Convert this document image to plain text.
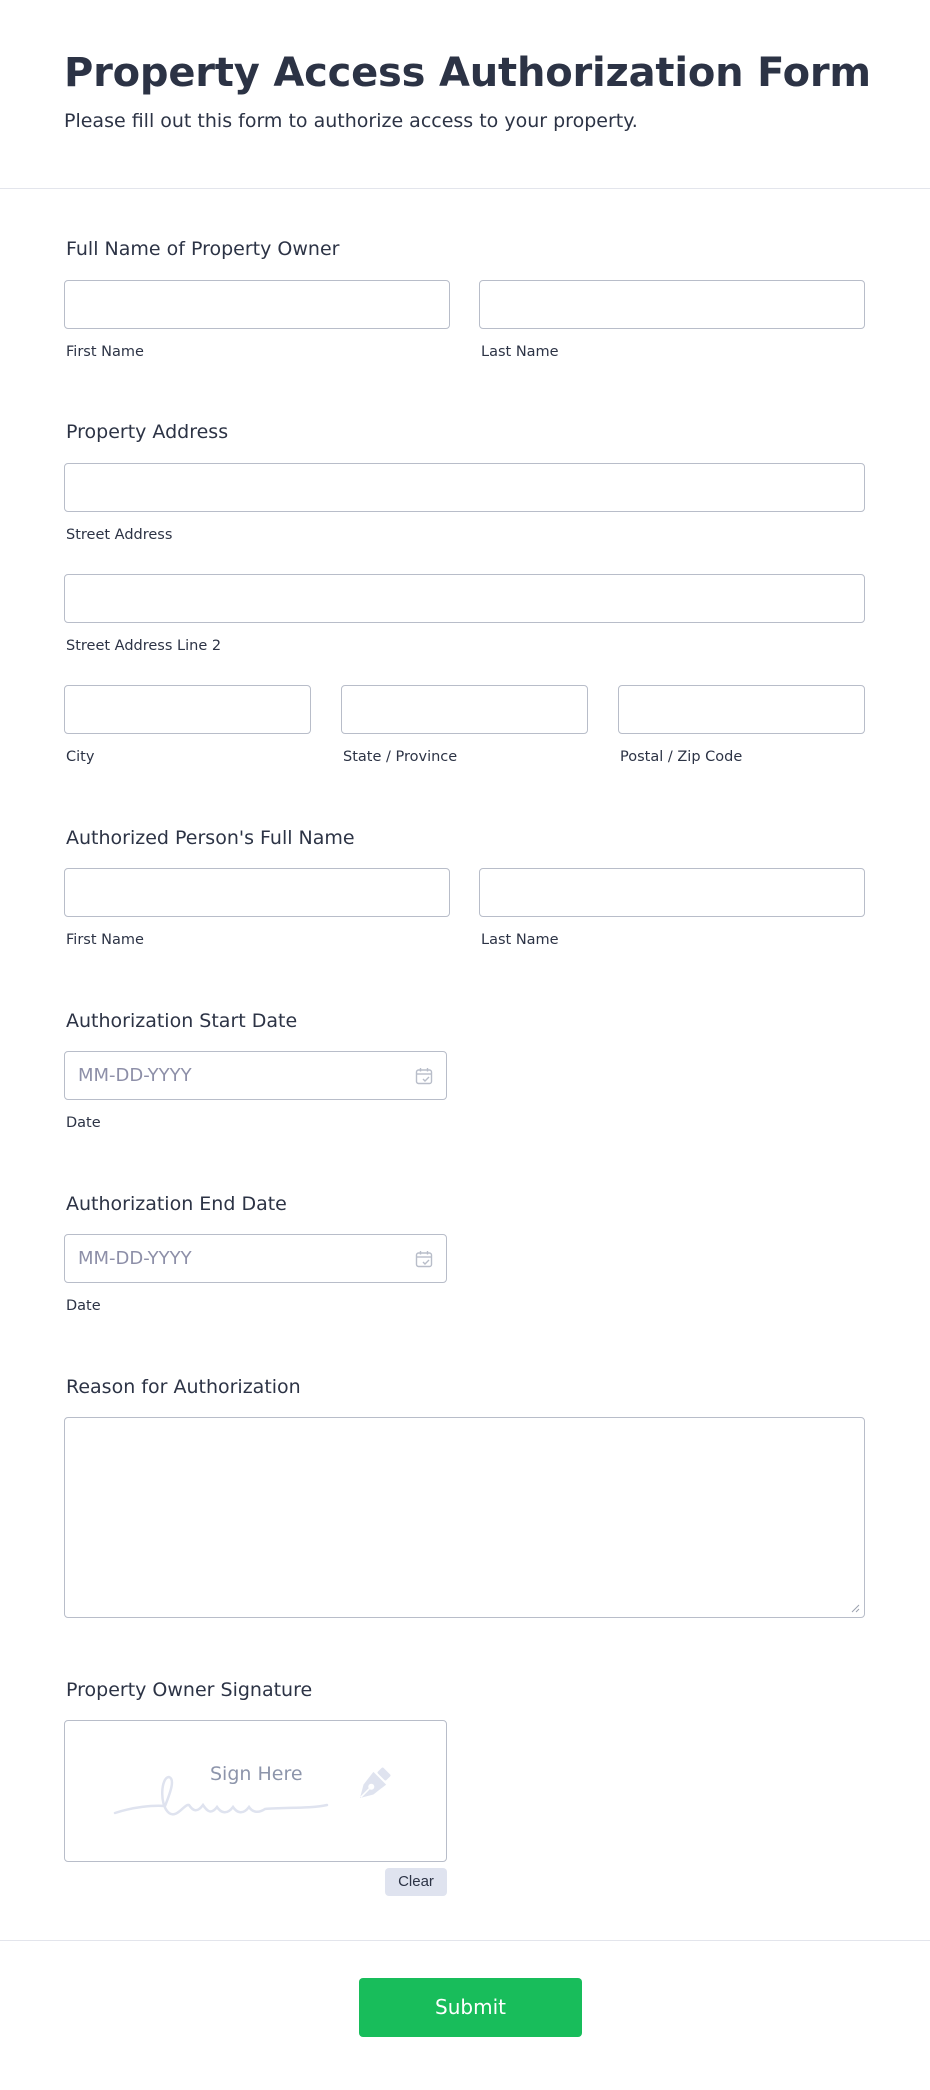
Property Access Authorization Form

Please fill out this form to authorize access to your property.

Full Name of Property Owner
First Name	Last Name
Property Address
Street Address
Street Address Line 2
City	State / Province	Postal / Zip Code
Authorized Person's Full Name
First Name	Last Name
Authorization Start Date
MM-DD-YYYY
Date
Authorization End Date
MM-DD-YYYY
Date
Reason for Authorization
Property Owner Signature
Sign Here
Clear
Submit
